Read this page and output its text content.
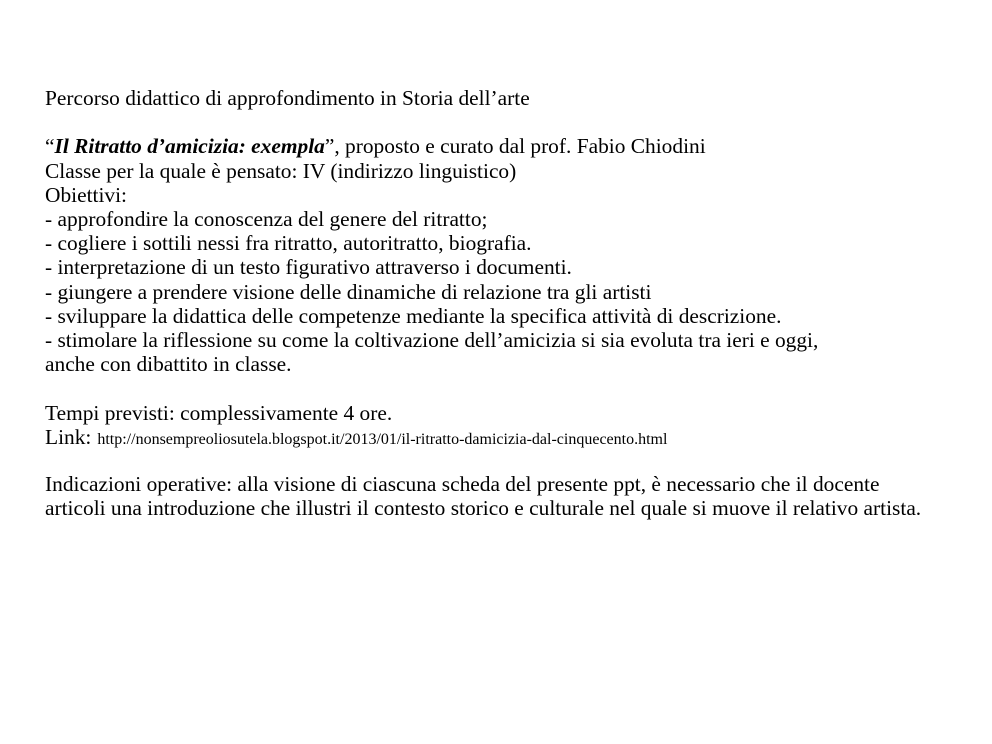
Percorso didattico di approfondimento in Storia dell’arte
“Il Ritratto d’amicizia: exempla”, proposto e curato dal prof. Fabio Chiodini
Classe per la quale è pensato: IV (indirizzo linguistico)
Obiettivi:
- approfondire la conoscenza del genere del ritratto;
- cogliere i sottili nessi fra ritratto, autoritratto, biografia.
- interpretazione di un testo figurativo attraverso i documenti.
- giungere a prendere visione delle dinamiche di relazione tra gli artisti
- sviluppare la didattica delle competenze mediante la specifica attività di descrizione.
- stimolare la riflessione su come la coltivazione dell’amicizia si sia evoluta tra ieri e oggi,
anche con dibattito in classe.
Tempi previsti: complessivamente 4 ore.
Link: http://nonsempreoliosutela.blogspot.it/2013/01/il-ritratto-damicizia-dal-cinquecento.html
Indicazioni operative: alla visione di ciascuna scheda del presente ppt, è necessario che il docente articoli una introduzione che illustri il contesto storico e culturale nel quale si muove il relativo artista.
